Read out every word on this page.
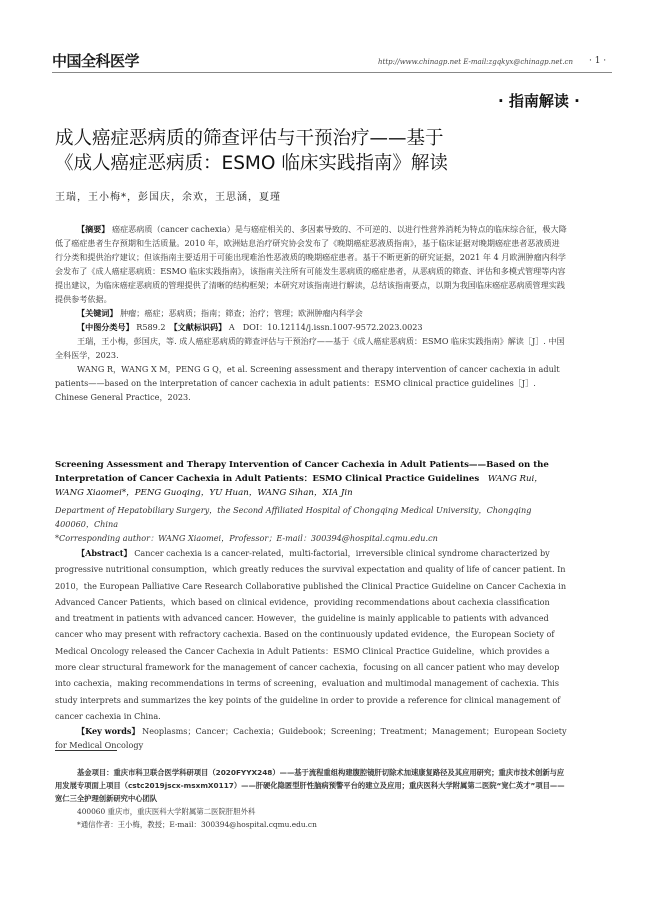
中国全科医学	http://www.chinagp.net E-mail:zgqkyx@chinagp.net.cn · 1 ·
· 指南解读 ·
成人癌症恶病质的筛查评估与干预治疗——基于
《成人癌症恶病质：ESMO 临床实践指南》解读
王瑞，王小梅*，彭国庆，余欢，王思涵，夏瑾

【摘要】 癌症恶病质（cancer cachexia）是与癌症相关的、多因素导致的、不可逆的、以进行性营养消耗为特点的临床综合征，极大降低了癌症患者生存预期和生活质量。2010 年，欧洲姑息治疗研究协会发布了《晚期癌症恶液质指南》，基于临床证据对晚期癌症患者恶液质进行分类和提供治疗建议；但该指南主要适用于可能出现难治性恶液质的晚期癌症患者。基于不断更新的研究证据，2021 年 4 月欧洲肿瘤内科学会发布了《成人癌症恶病质：ESMO 临床实践指南》，该指南关注所有可能发生恶病质的癌症患者，从恶病质的筛查、评估和多模式管理等内容提出建议，为临床癌症恶病质的管理提供了清晰的结构框架；本研究对该指南进行解读，总结该指南要点，以期为我国临床癌症恶病质管理实践提供参考依据。

【关键词】 肿瘤；癌症；恶病质；指南；筛查；治疗；管理；欧洲肿瘤内科学会

【中图分类号】 R589.2　 【文献标识码】 A　 DOI：10.12114/j.issn.1007-9572.2023.0023

王瑞，王小梅，彭国庆，等. 成人癌症恶病质的筛查评估与干预治疗——基于《成人癌症恶病质：ESMO 临床实践指南》解读［J］. 中国全科医学，2023.

WANG R，WANG X M，PENG G Q，et al. Screening assessment and therapy intervention of cancer cachexia in adult patients——based on the interpretation of cancer cachexia in adult patients：ESMO clinical practice guidelines［J］. Chinese General Practice，2023.

Screening Assessment and Therapy Intervention of Cancer Cachexia in Adult Patients——Based on the Interpretation of Cancer Cachexia in Adult Patients：ESMO Clinical Practice Guidelines　 WANG Rui，WANG Xiaomei*，PENG Guoqing，YU Huan，WANG Sihan，XIA Jin

Department of Hepatobiliary Surgery，the Second Affiliated Hospital of Chongqing Medical University，Chongqing 400060，China

*Corresponding author：WANG Xiaomei，Professor；E-mail：300394@hospital.cqmu.edu.cn

【Abstract】 Cancer cachexia is a cancer-related，multi-factorial，irreversible clinical syndrome characterized by progressive nutritional consumption，which greatly reduces the survival expectation and quality of life of cancer patient. In 2010，the European Palliative Care Research Collaborative published the Clinical Practice Guideline on Cancer Cachexia in Advanced Cancer Patients，which based on clinical evidence，providing recommendations about cachexia classification and treatment in patients with advanced cancer. However，the guideline is mainly applicable to patients with advanced cancer who may present with refractory cachexia. Based on the continuously updated evidence，the European Society of Medical Oncology released the Cancer Cachexia in Adult Patients：ESMO Clinical Practice Guideline，which provides a more clear structural framework for the management of cancer cachexia，focusing on all cancer patient who may develop into cachexia，making recommendations in terms of screening，evaluation and multimodal management of cachexia. This study interprets and summarizes the key points of the guideline in order to provide a reference for clinical management of cancer cachexia in China.

【Key words】 Neoplasms；Cancer；Cachexia；Guidebook；Screening；Treatment；Management；European Society for Medical Oncology

基金项目：重庆市科卫联合医学科研项目（2020FYYX248）——基于流程重组构建腹腔镜肝切除术加速康复路径及其应用研究；重庆市技术创新与应用发展专项面上项目（cstc2019jscx-msxmX0117）——肝硬化隐匿型肝性脑病预警平台的建立及应用；重庆医科大学附属第二医院“宽仁英才”项目——宽仁三全护理创新研究中心团队

400060 重庆市，重庆医科大学附属第二医院肝胆外科

*通信作者：王小梅，教授；E-mail：300394@hospital.cqmu.edu.cn
